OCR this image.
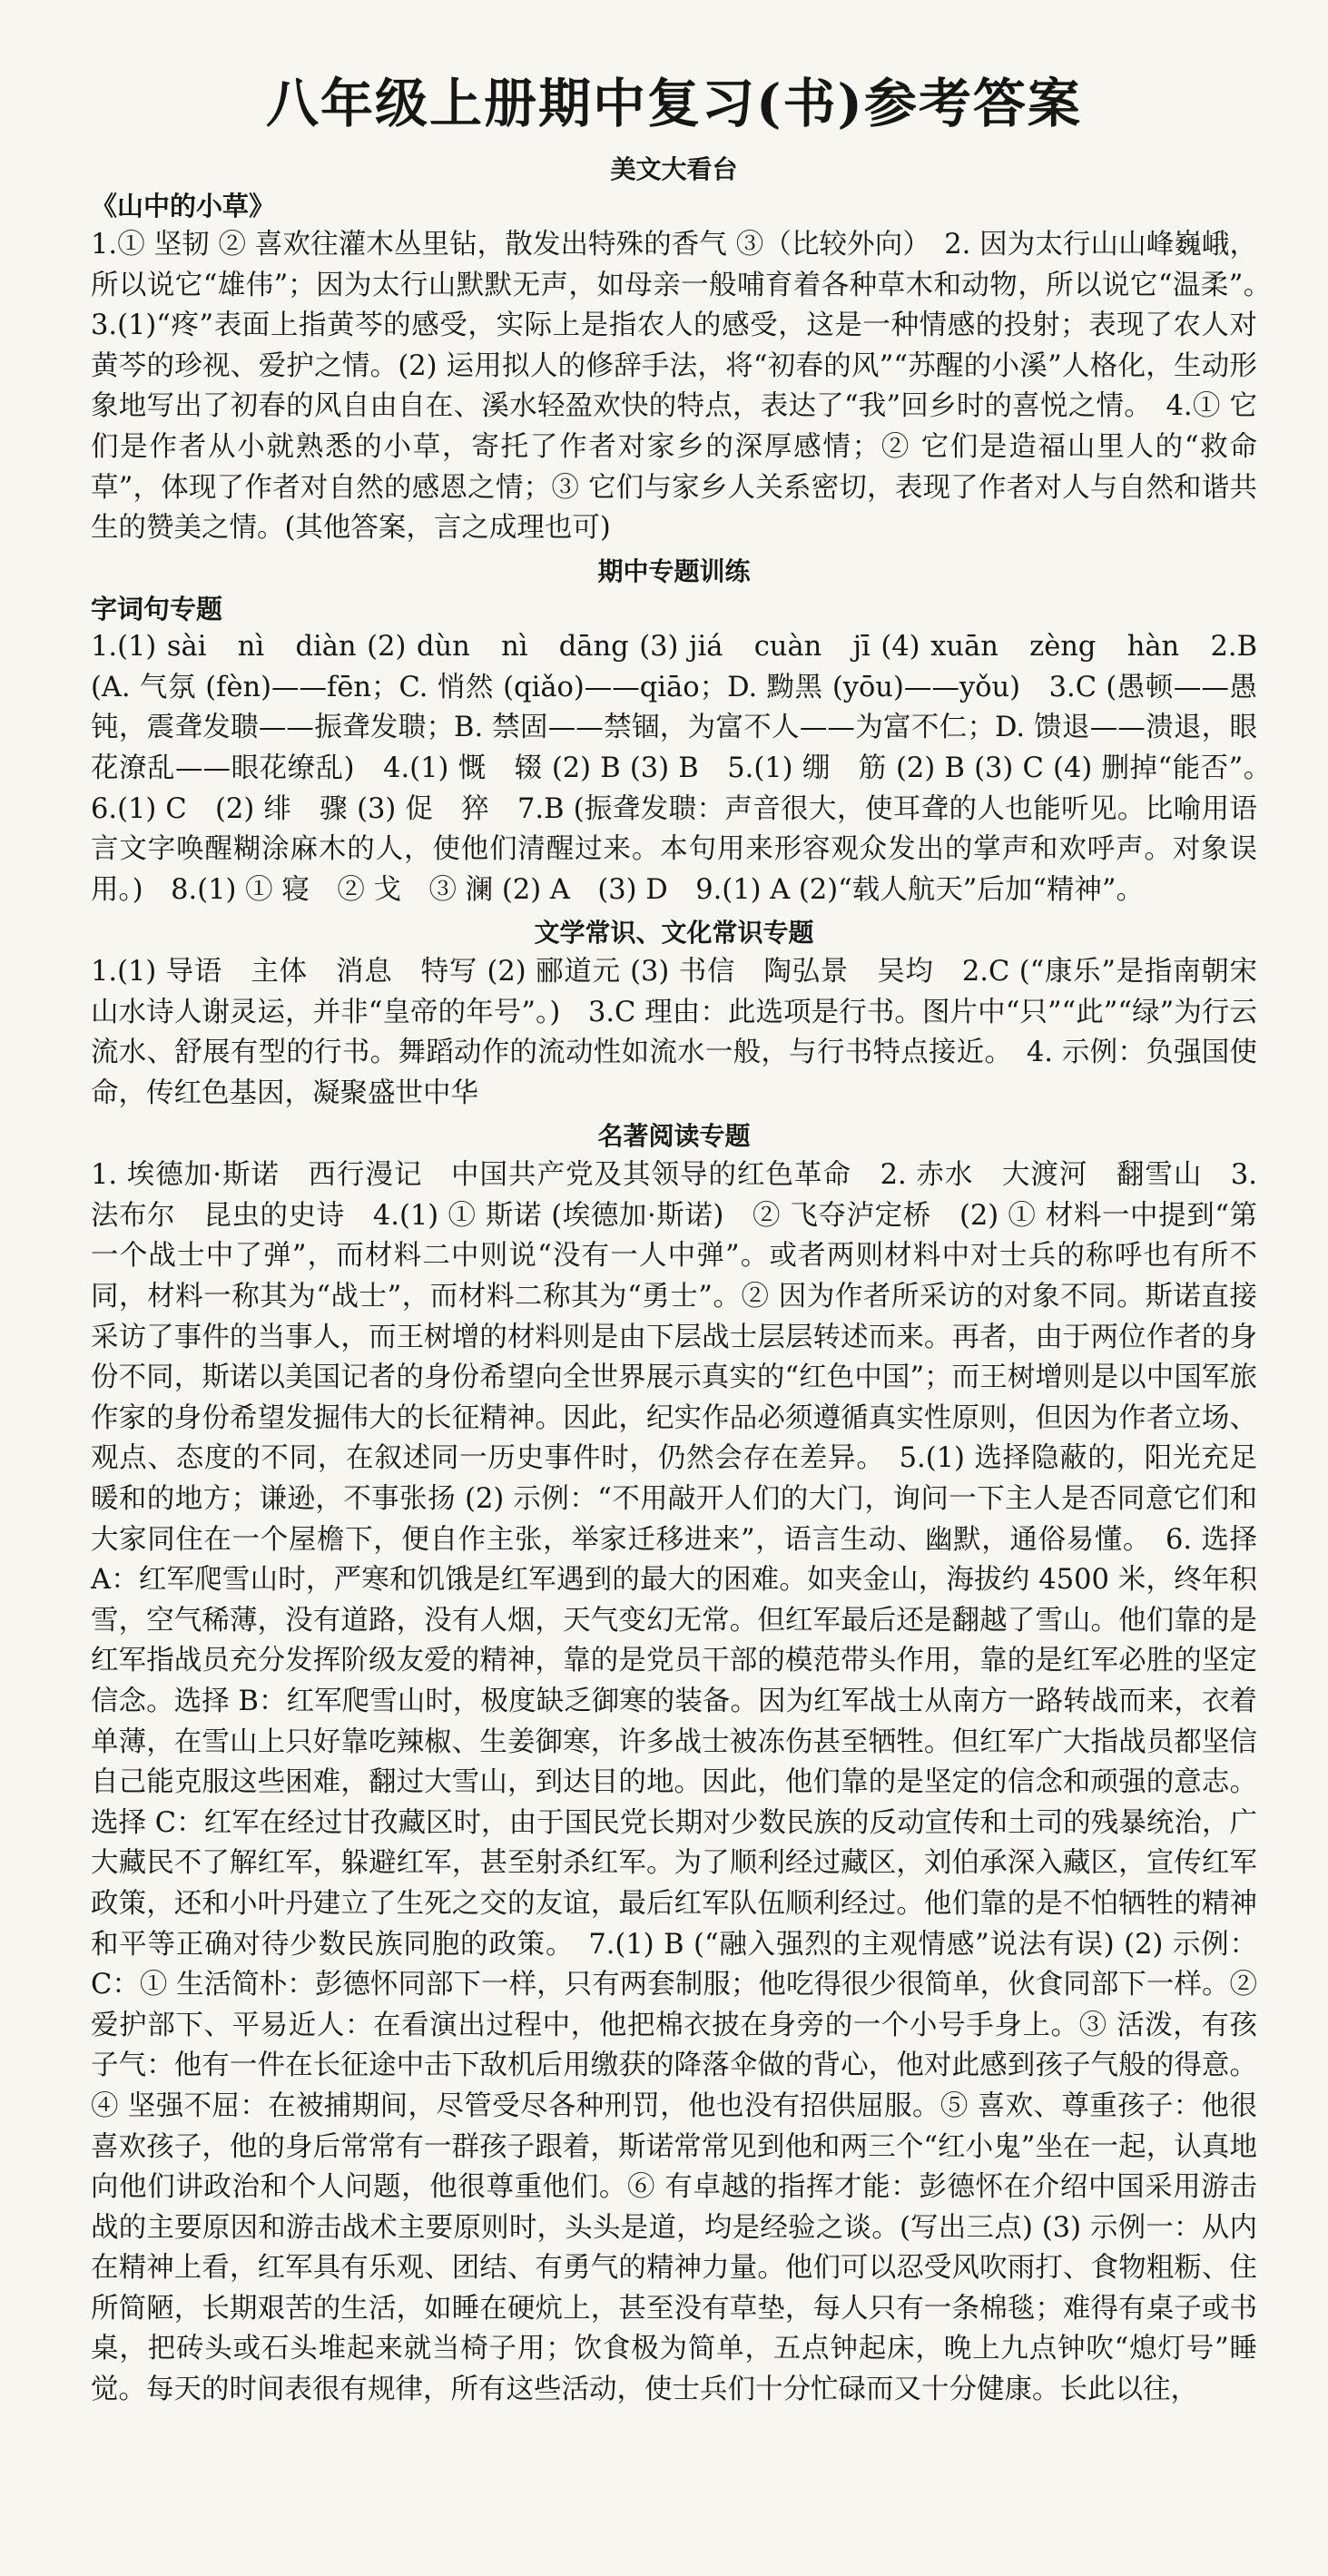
八年级上册期中复习(书)参考答案
美文大看台
《山中的小草》

1.① 坚韧 ② 喜欢往灌木丛里钻，散发出特殊的香气 ③（比较外向）　2. 因为太行山山峰巍峨，所以说它“雄伟”；因为太行山默默无声，如母亲一般哺育着各种草木和动物，所以说它“温柔”。　3.(1)“疼”表面上指黄芩的感受，实际上是指农人的感受，这是一种情感的投射；表现了农人对黄芩的珍视、爱护之情。(2) 运用拟人的修辞手法，将“初春的风”“苏醒的小溪”人格化，生动形象地写出了初春的风自由自在、溪水轻盈欢快的特点，表达了“我”回乡时的喜悦之情。　4.① 它们是作者从小就熟悉的小草，寄托了作者对家乡的深厚感情；② 它们是造福山里人的“救命草”，体现了作者对自然的感恩之情；③ 它们与家乡人关系密切，表现了作者对人与自然和谐共生的赞美之情。(其他答案，言之成理也可)

期中专题训练
字词句专题

1.(1) sài　nì　diàn (2) dùn　nì　dāng (3) jiá　cuàn　jī (4) xuān　zèng　hàn　2.B (A. 气氛 (fèn)——fēn；C. 悄然 (qiǎo)——qiāo；D. 黝黑 (yōu)——yǒu)　3.C (愚顿——愚钝，震聋发聩——振聋发聩；B. 禁固——禁锢，为富不人——为富不仁；D. 馈退——溃退，眼花潦乱——眼花缭乱)　4.(1) 慨　辍 (2) B (3) B　5.(1) 绷　筋 (2) B (3) C (4) 删掉“能否”。　6.(1) C　(2) 绯　骤 (3) 促　猝　7.B (振聋发聩：声音很大，使耳聋的人也能听见。比喻用语言文字唤醒糊涂麻木的人，使他们清醒过来。本句用来形容观众发出的掌声和欢呼声。对象误用。)　8.(1) ① 寝　② 戈　③ 澜 (2) A　(3) D　9.(1) A (2)“载人航天”后加“精神”。

文学常识、文化常识专题

1.(1) 导语　主体　消息　特写 (2) 郦道元 (3) 书信　陶弘景　吴均　2.C (“康乐”是指南朝宋山水诗人谢灵运，并非“皇帝的年号”。)　3.C 理由：此选项是行书。图片中“只”“此”“绿”为行云流水、舒展有型的行书。舞蹈动作的流动性如流水一般，与行书特点接近。　4. 示例：负强国使命，传红色基因，凝聚盛世中华

名著阅读专题

1. 埃德加·斯诺　西行漫记　中国共产党及其领导的红色革命　2. 赤水　大渡河　翻雪山　3. 法布尔　昆虫的史诗　4.(1) ① 斯诺 (埃德加·斯诺)　② 飞夺泸定桥　(2) ① 材料一中提到“第一个战士中了弹”，而材料二中则说“没有一人中弹”。或者两则材料中对士兵的称呼也有所不同，材料一称其为“战士”，而材料二称其为“勇士”。② 因为作者所采访的对象不同。斯诺直接采访了事件的当事人，而王树增的材料则是由下层战士层层转述而来。再者，由于两位作者的身份不同，斯诺以美国记者的身份希望向全世界展示真实的“红色中国”；而王树增则是以中国军旅作家的身份希望发掘伟大的长征精神。因此，纪实作品必须遵循真实性原则，但因为作者立场、观点、态度的不同，在叙述同一历史事件时，仍然会存在差异。　5.(1) 选择隐蔽的，阳光充足暖和的地方；谦逊，不事张扬 (2) 示例：“不用敲开人们的大门，询问一下主人是否同意它们和大家同住在一个屋檐下，便自作主张，举家迁移进来”，语言生动、幽默，通俗易懂。　6. 选择 A：红军爬雪山时，严寒和饥饿是红军遇到的最大的困难。如夹金山，海拔约 4500 米，终年积雪，空气稀薄，没有道路，没有人烟，天气变幻无常。但红军最后还是翻越了雪山。他们靠的是红军指战员充分发挥阶级友爱的精神，靠的是党员干部的模范带头作用，靠的是红军必胜的坚定信念。选择 B：红军爬雪山时，极度缺乏御寒的装备。因为红军战士从南方一路转战而来，衣着单薄，在雪山上只好靠吃辣椒、生姜御寒，许多战士被冻伤甚至牺牲。但红军广大指战员都坚信自己能克服这些困难，翻过大雪山，到达目的地。因此，他们靠的是坚定的信念和顽强的意志。选择 C：红军在经过甘孜藏区时，由于国民党长期对少数民族的反动宣传和土司的残暴统治，广大藏民不了解红军，躲避红军，甚至射杀红军。为了顺利经过藏区，刘伯承深入藏区，宣传红军政策，还和小叶丹建立了生死之交的友谊，最后红军队伍顺利经过。他们靠的是不怕牺牲的精神和平等正确对待少数民族同胞的政策。　7.(1) B (“融入强烈的主观情感”说法有误) (2) 示例：C：① 生活简朴：彭德怀同部下一样，只有两套制服；他吃得很少很简单，伙食同部下一样。② 爱护部下、平易近人：在看演出过程中，他把棉衣披在身旁的一个小号手身上。③ 活泼，有孩子气：他有一件在长征途中击下敌机后用缴获的降落伞做的背心，他对此感到孩子气般的得意。④ 坚强不屈：在被捕期间，尽管受尽各种刑罚，他也没有招供屈服。⑤ 喜欢、尊重孩子：他很喜欢孩子，他的身后常常有一群孩子跟着，斯诺常常见到他和两三个“红小鬼”坐在一起，认真地向他们讲政治和个人问题，他很尊重他们。⑥ 有卓越的指挥才能：彭德怀在介绍中国采用游击战的主要原因和游击战术主要原则时，头头是道，均是经验之谈。(写出三点) (3) 示例一：从内在精神上看，红军具有乐观、团结、有勇气的精神力量。他们可以忍受风吹雨打、食物粗粝、住所简陋，长期艰苦的生活，如睡在硬炕上，甚至没有草垫，每人只有一条棉毯；难得有桌子或书桌，把砖头或石头堆起来就当椅子用；饮食极为简单，五点钟起床，晚上九点钟吹“熄灯号”睡觉。每天的时间表很有规律，所有这些活动，使士兵们十分忙碌而又十分健康。长此以往，
